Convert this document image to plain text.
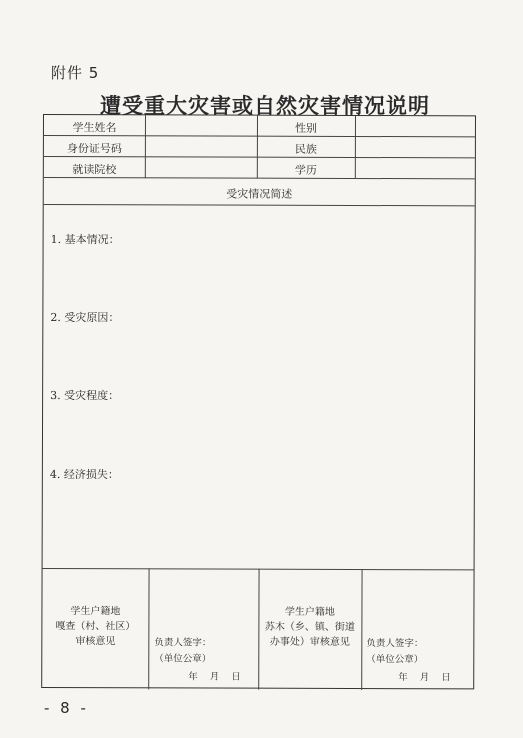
附件 5
遭受重大灾害或自然灾害情况说明
学生姓名
身份证号码
就读院校
性别
民族
学历
受灾情况简述
1. 基本情况：
2. 受灾原因：
3. 受灾程度：
4. 经济损失：
学生户籍地
嘎查（村、社区）
审核意见	负责人签字：
（单位公章）
年    月    日
学生户籍地
苏木（乡、镇、街道
办事处）审核意见	负责人签字：
（单位公章）
年    月    日
- 8 -
